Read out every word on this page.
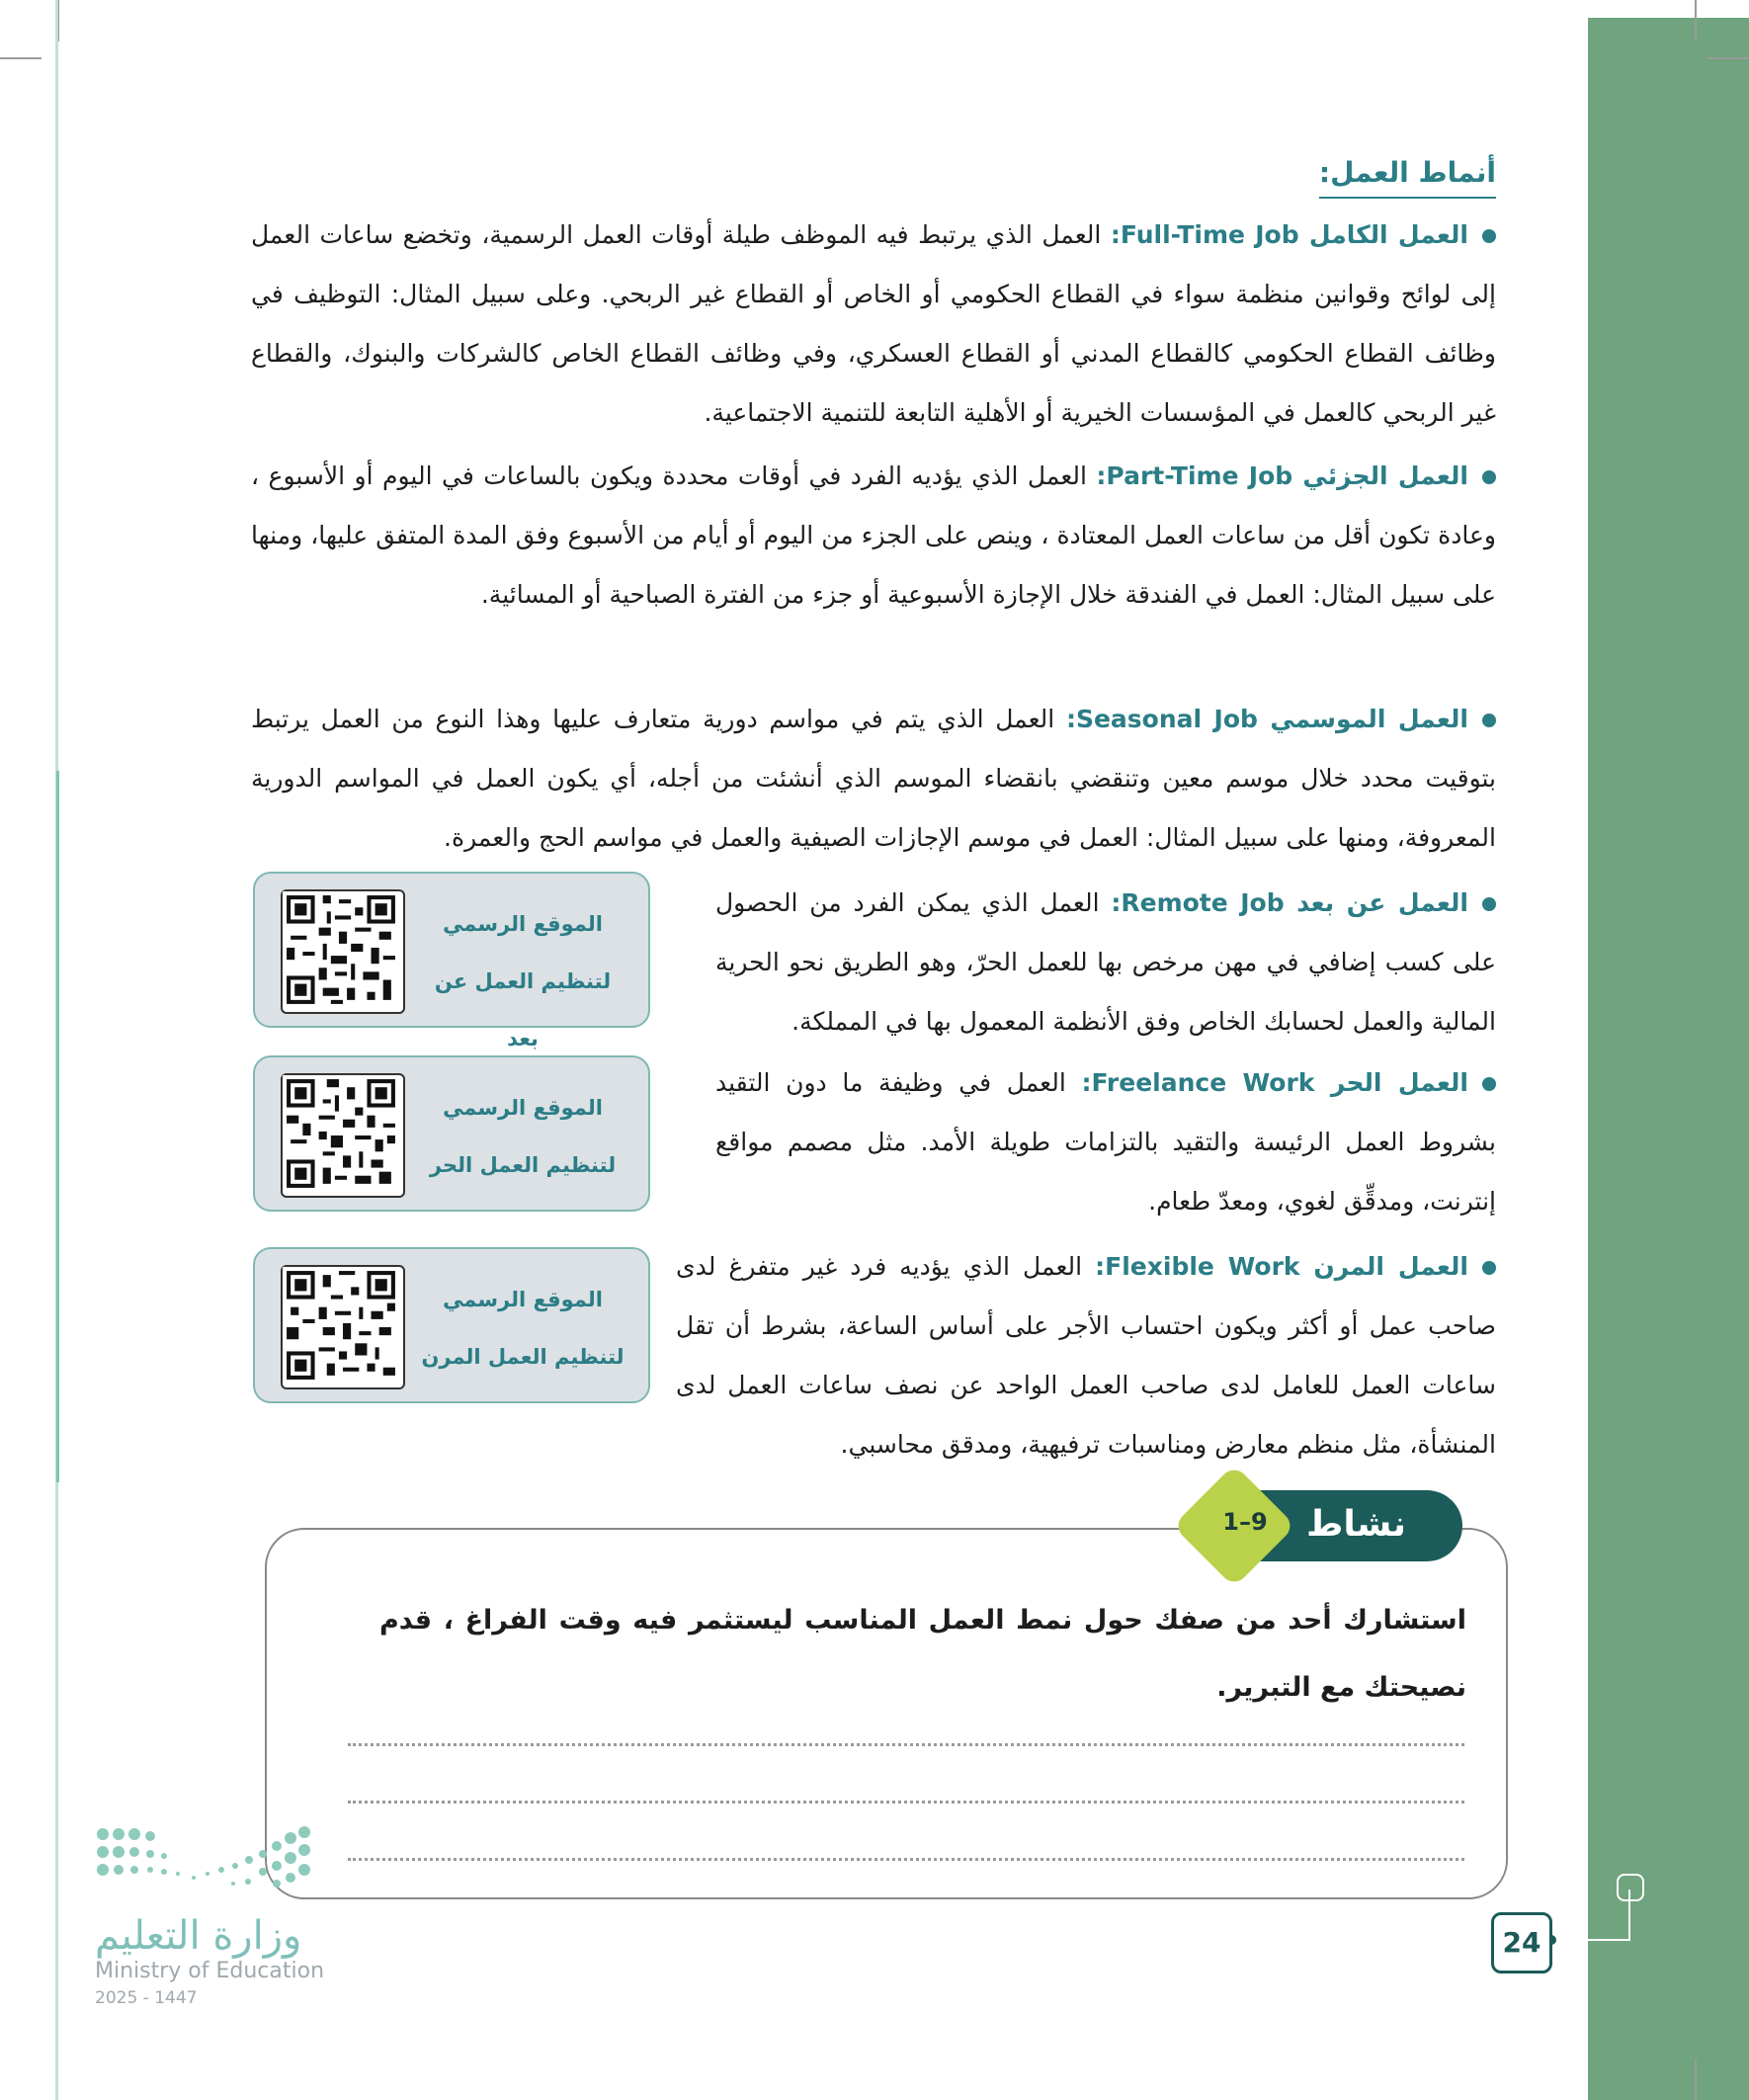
أنماط العمل:
العمل الكامل Full-Time Job: العمل الذي يرتبط فيه الموظف طيلة أوقات العمل الرسمية، وتخضع ساعات العمل إلى لوائح وقوانين منظمة سواء في القطاع الحكومي أو الخاص أو القطاع غير الربحي. وعلى سبيل المثال: التوظيف في وظائف القطاع الحكومي كالقطاع المدني أو القطاع العسكري، وفي وظائف القطاع الخاص كالشركات والبنوك، والقطاع غير الربحي كالعمل في المؤسسات الخيرية أو الأهلية التابعة للتنمية الاجتماعية.
العمل الجزئي Part-Time Job: العمل الذي يؤديه الفرد في أوقات محددة ويكون بالساعات في اليوم أو الأسبوع ، وعادة تكون أقل من ساعات العمل المعتادة ، وينص على الجزء من اليوم أو أيام من الأسبوع وفق المدة المتفق عليها، ومنها على سبيل المثال: العمل في الفندقة خلال الإجازة الأسبوعية أو جزء من الفترة الصباحية أو المسائية.
العمل الموسمي Seasonal Job: العمل الذي يتم في مواسم دورية متعارف عليها وهذا النوع من العمل يرتبط بتوقيت محدد خلال موسم معين وتنقضي بانقضاء الموسم الذي أنشئت من أجله، أي يكون العمل في المواسم الدورية المعروفة، ومنها على سبيل المثال: العمل في موسم الإجازات الصيفية والعمل في مواسم الحج والعمرة.
العمل عن بعد Remote Job: العمل الذي يمكن الفرد من الحصول على كسب إضافي في مهن مرخص بها للعمل الحرّ، وهو الطريق نحو الحرية المالية والعمل لحسابك الخاص وفق الأنظمة المعمول بها في المملكة.
العمل الحر Freelance Work: العمل في وظيفة ما دون التقيد بشروط العمل الرئيسة والتقيد بالتزامات طويلة الأمد. مثل مصمم مواقع إنترنت، ومدقِّق لغوي، ومعدّ طعام.
العمل المرن Flexible Work: العمل الذي يؤديه فرد غير متفرغ لدى صاحب عمل أو أكثر ويكون احتساب الأجر على أساس الساعة، بشرط أن تقل ساعات العمل للعامل لدى صاحب العمل الواحد عن نصف ساعات العمل لدى المنشأة، مثل منظم معارض ومناسبات ترفيهية، ومدقق محاسبي.
الموقع الرسمي
لتنظيم العمل عن بعد
الموقع الرسمي
لتنظيم العمل الحر
الموقع الرسمي
لتنظيم العمل المرن
نشاط
1–9
استشارك أحد من صفك حول نمط العمل المناسب ليستثمر فيه وقت الفراغ ، قدم نصيحتك مع التبرير.
24
وزارة التعليم
Ministry of Education
2025 - 1447
